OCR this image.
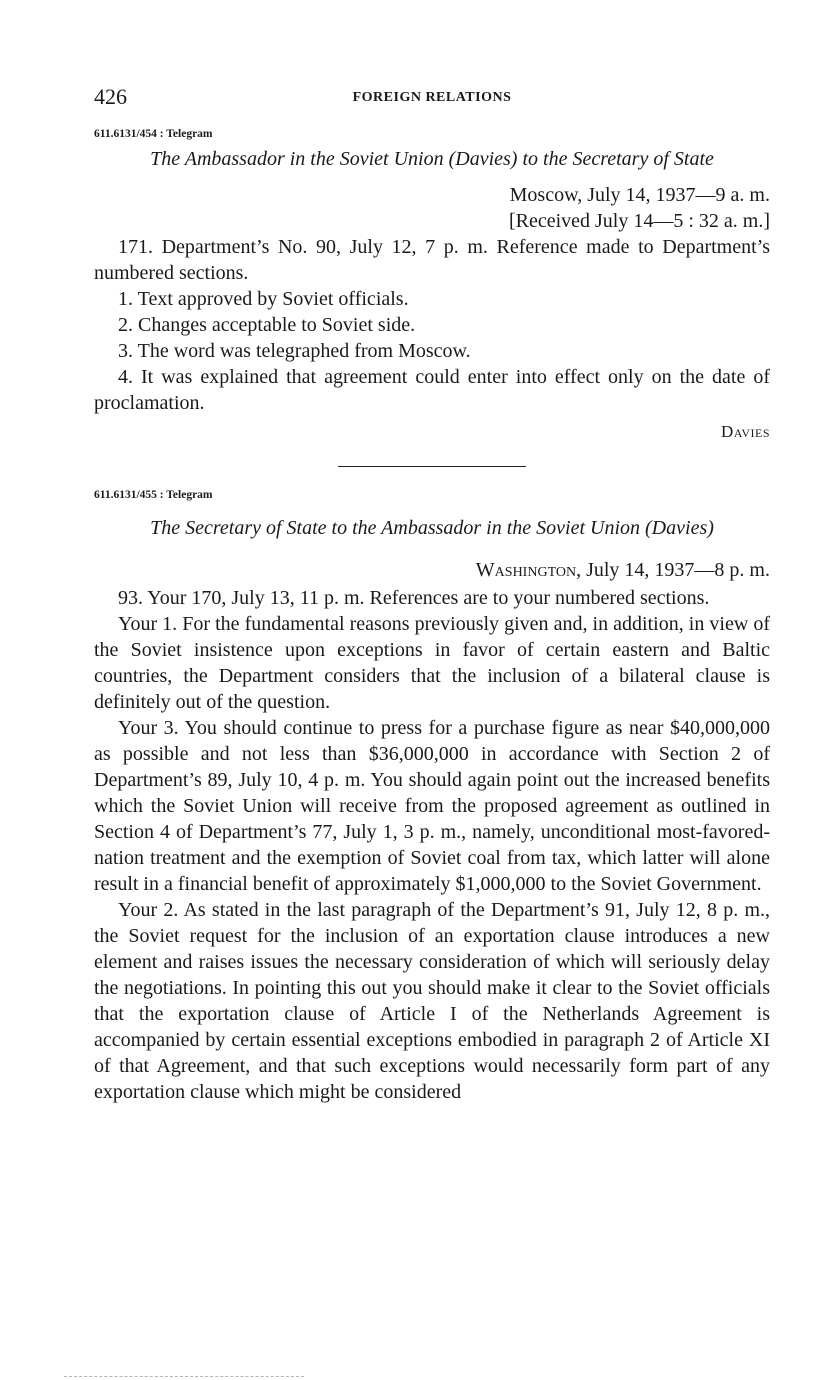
426	FOREIGN RELATIONS
611.6131/454 : Telegram
The Ambassador in the Soviet Union (Davies) to the Secretary of State
Moscow, July 14, 1937—9 a. m.
[Received July 14—5 : 32 a. m.]

171. Department’s No. 90, July 12, 7 p. m. Reference made to Department’s numbered sections.

1. Text approved by Soviet officials.

2. Changes acceptable to Soviet side.

3. The word was telegraphed from Moscow.

4. It was explained that agreement could enter into effect only on the date of proclamation.

Davies
611.6131/455 : Telegram
The Secretary of State to the Ambassador in the Soviet Union (Davies)
Washington, July 14, 1937—8 p. m.

93. Your 170, July 13, 11 p. m. References are to your numbered sections.

Your 1. For the fundamental reasons previously given and, in addition, in view of the Soviet insistence upon exceptions in favor of certain eastern and Baltic countries, the Department considers that the inclusion of a bilateral clause is definitely out of the question.

Your 3. You should continue to press for a purchase figure as near $40,000,000 as possible and not less than $36,000,000 in accordance with Section 2 of Department’s 89, July 10, 4 p. m. You should again point out the increased benefits which the Soviet Union will receive from the proposed agreement as outlined in Section 4 of Department’s 77, July 1, 3 p. m., namely, unconditional most-favored-nation treatment and the exemption of Soviet coal from tax, which latter will alone result in a financial benefit of approximately $1,000,000 to the Soviet Government.

Your 2. As stated in the last paragraph of the Department’s 91, July 12, 8 p. m., the Soviet request for the inclusion of an exportation clause introduces a new element and raises issues the necessary consideration of which will seriously delay the negotiations. In pointing this out you should make it clear to the Soviet officials that the exportation clause of Article I of the Netherlands Agreement is accompanied by certain essential exceptions embodied in paragraph 2 of Article XI of that Agreement, and that such exceptions would necessarily form part of any exportation clause which might be considered
